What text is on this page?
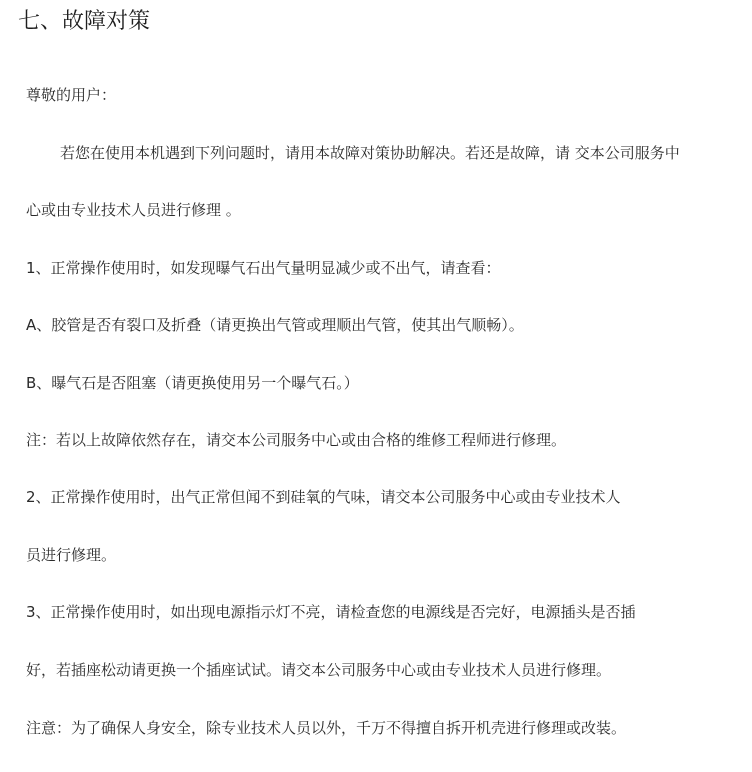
七、故障对策
尊敬的用户：
若您在使用本机遇到下列问题时，请用本故障对策协助解决。若还是故障，请 交本公司服务中
心或由专业技术人员进行修理 。
1、正常操作使用时，如发现曝气石出气量明显减少或不出气，请查看：
A、胶管是否有裂口及折叠（请更换出气管或理顺出气管，使其出气顺畅）。
B、曝气石是否阻塞（请更换使用另一个曝气石。）
注：若以上故障依然存在，请交本公司服务中心或由合格的维修工程师进行修理。
2、正常操作使用时，出气正常但闻不到硅氧的气味，请交本公司服务中心或由专业技术人
员进行修理。
3、正常操作使用时，如出现电源指示灯不亮，请检查您的电源线是否完好，电源插头是否插
好，若插座松动请更换一个插座试试。请交本公司服务中心或由专业技术人员进行修理。
注意：为了确保人身安全，除专业技术人员以外，千万不得擅自拆开机壳进行修理或改装。
